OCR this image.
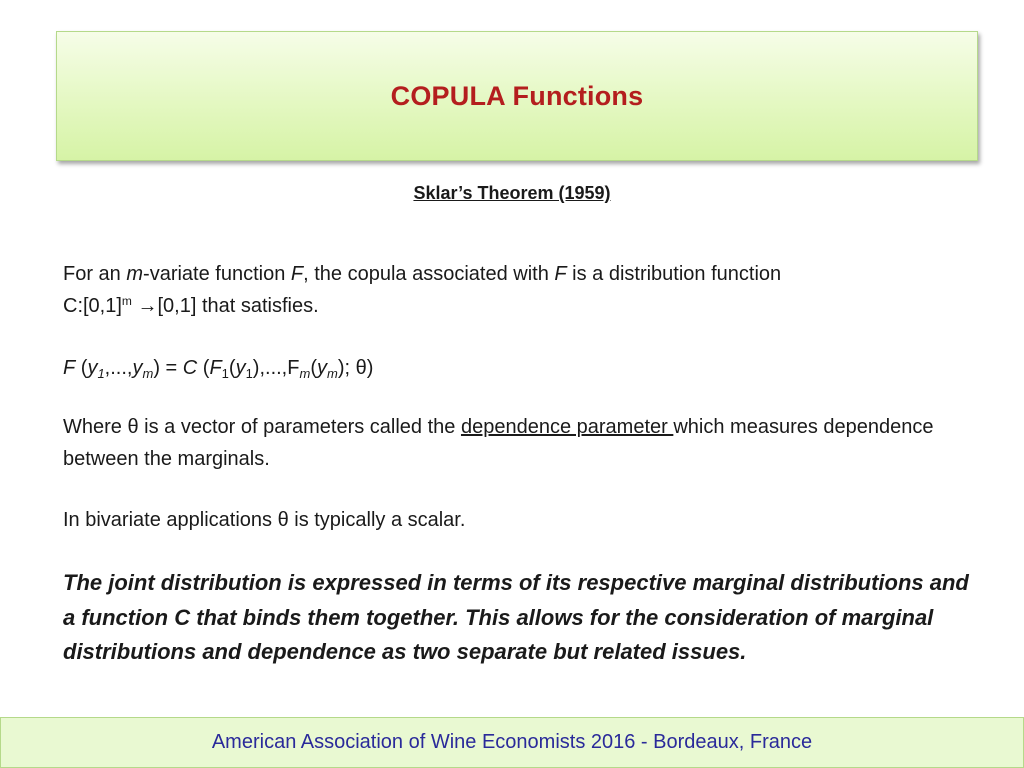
COPULA Functions
Sklar’s Theorem (1959)
For an m-variate function F, the copula associated with F is a distribution function
$C:[0,1]^m \to[0,1]$ that satisfies.
F $(y_1,...,y_m) = C$ ($F_1(y_1),...,F_m(y_m)$; θ)
Where θ is a vector of parameters called the dependence parameter which measures dependence between the marginals.
In bivariate applications θ is typically a scalar.
The joint distribution is expressed in terms of its respective marginal distributions and a function C that binds them together. This allows for the consideration of marginal distributions and dependence as two separate but related issues.
American Association of Wine Economists 2016 - Bordeaux, France
